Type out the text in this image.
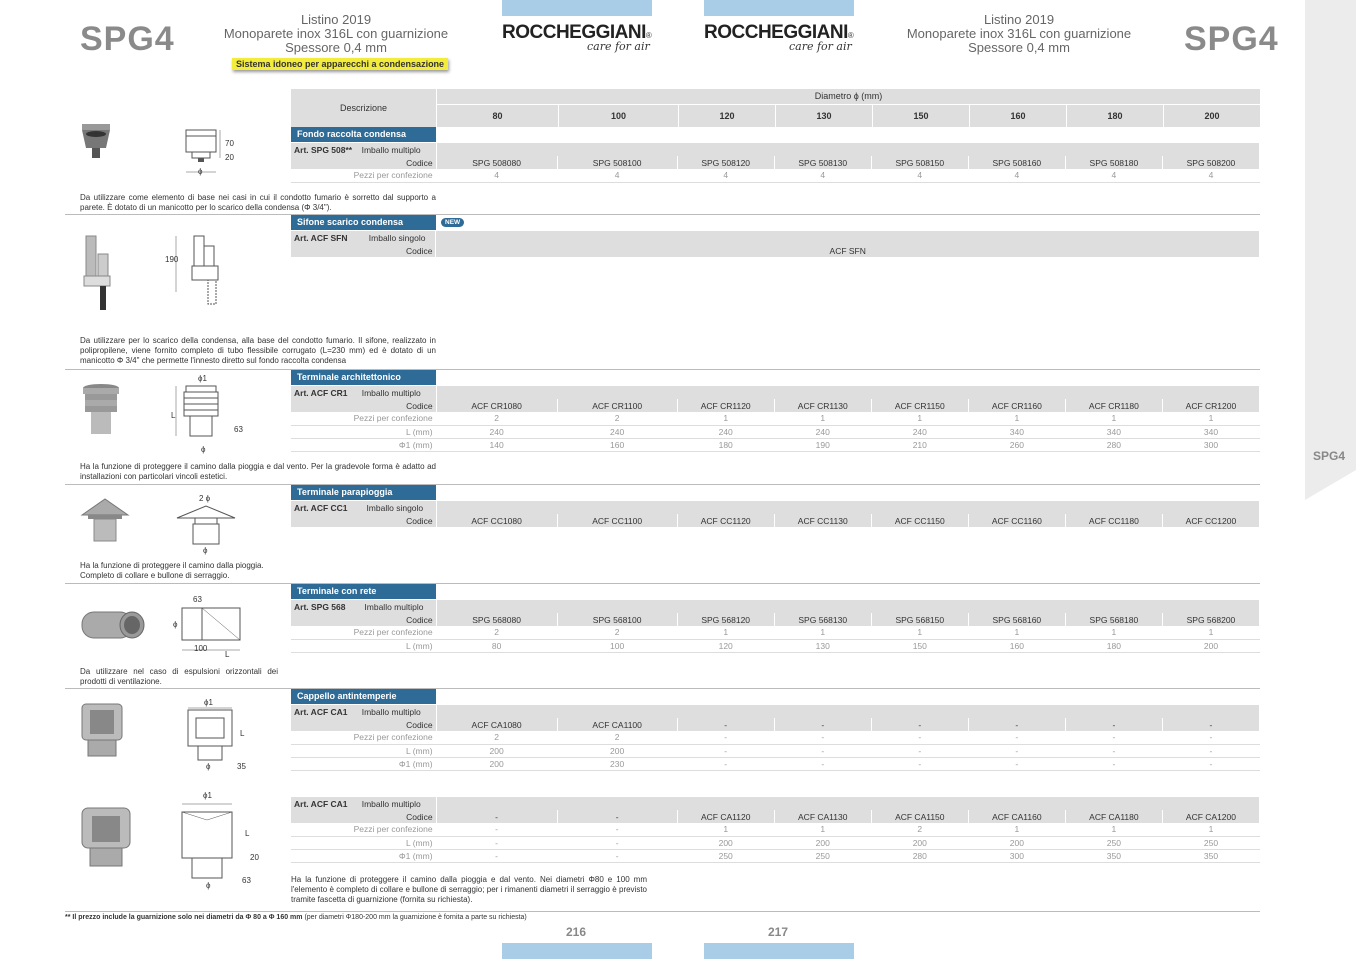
SPG4
SPG4	SPG4
Listino 2019
Monoparete inox 316L con guarnizione
Spessore 0,4 mm
Sistema idoneo per apparecchi a condensazione
Listino 2019
Monoparete inox 316L con guarnizione
Spessore 0,4 mm
ROCCHEGGIANI®
care for air
ROCCHEGGIANI®
care for air
Descrizione
Diametro ϕ (mm)
80	100	120	130	150	160	180	200
70
20
ϕ
Fondo raccolta condensa
Art. SPG 508** Imballo multiplo								
Codice	SPG 508080	SPG 508100	SPG 508120	SPG 508130	SPG 508150	SPG 508160	SPG 508180	SPG 508200
Pezzi per confezione	4	4	4	4	4	4	4	4
Da utilizzare come elemento di base nei casi in cui il condotto fumario è sorretto dal supporto a parete. È dotato di un manicotto per lo scarico della condensa (Φ 3/4").
190
Sifone scarico condensa	NEW
Art. ACF SFN Imballo singolo	
Codice	ACF SFN
Da utilizzare per lo scarico della condensa, alla base del condotto fumario. Il sifone, realizzato in polipropilene, viene fornito completo di tubo flessibile corrugato (L=230 mm) ed è dotato di un manicotto Φ 3/4" che permette l'innesto diretto sul fondo raccolta condensa
ϕ1
L
63
ϕ
Terminale architettonico
Art. ACF CR1 Imballo multiplo								
Codice	ACF CR1080	ACF CR1100	ACF CR1120	ACF CR1130	ACF CR1150	ACF CR1160	ACF CR1180	ACF CR1200
Pezzi per confezione	2	2	1	1	1	1	1	1
L (mm)	240	240	240	240	240	340	340	340
Φ1 (mm)	140	160	180	190	210	260	280	300
Ha la funzione di proteggere il camino dalla pioggia e dal vento. Per la gradevole forma è adatto ad installazioni con particolari vincoli estetici.
2 ϕ
ϕ
Terminale parapioggia
Art. ACF CC1 Imballo singolo								
Codice	ACF CC1080	ACF CC1100	ACF CC1120	ACF CC1130	ACF CC1150	ACF CC1160	ACF CC1180	ACF CC1200
Ha la funzione di proteggere il camino dalla pioggia. Completo di collare e bullone di serraggio.
63
ϕ
100
L
Terminale con rete
Art. SPG 568 Imballo multiplo								
Codice	SPG 568080	SPG 568100	SPG 568120	SPG 568130	SPG 568150	SPG 568160	SPG 568180	SPG 568200
Pezzi per confezione	2	2	1	1	1	1	1	1
L (mm)	80	100	120	130	150	160	180	200
Da utilizzare nel caso di espulsioni orizzontali dei prodotti di ventilazione.
ϕ1
L
ϕ	35
Cappello antintemperie
Art. ACF CA1 Imballo multiplo								
Codice	ACF CA1080	ACF CA1100	-	-	-	-	-	-
Pezzi per confezione	2	2	-	-	-	-	-	-
L (mm)	200	200	-	-	-	-	-	-
Φ1 (mm)	200	230	-	-	-	-	-	-
ϕ1
L
20
63
ϕ
Art. ACF CA1 Imballo multiplo								
Codice	-	-	ACF CA1120	ACF CA1130	ACF CA1150	ACF CA1160	ACF CA1180	ACF CA1200
Pezzi per confezione	-	-	1	1	2	1	1	1
L (mm)	-	-	200	200	200	200	250	250
Φ1 (mm)	-	-	250	250	280	300	350	350
Ha la funzione di proteggere il camino dalla pioggia e dal vento. Nei diametri Φ80 e 100 mm l'elemento è completo di collare e bullone di serraggio; per i rimanenti diametri il serraggio è previsto tramite fascetta di guarnizione (fornita su richiesta).
** Il prezzo include la guarnizione solo nei diametri da Φ 80 a Φ 160 mm (per diametri Φ180-200 mm la guarnizione è fornita a parte su richiesta)
216	217
